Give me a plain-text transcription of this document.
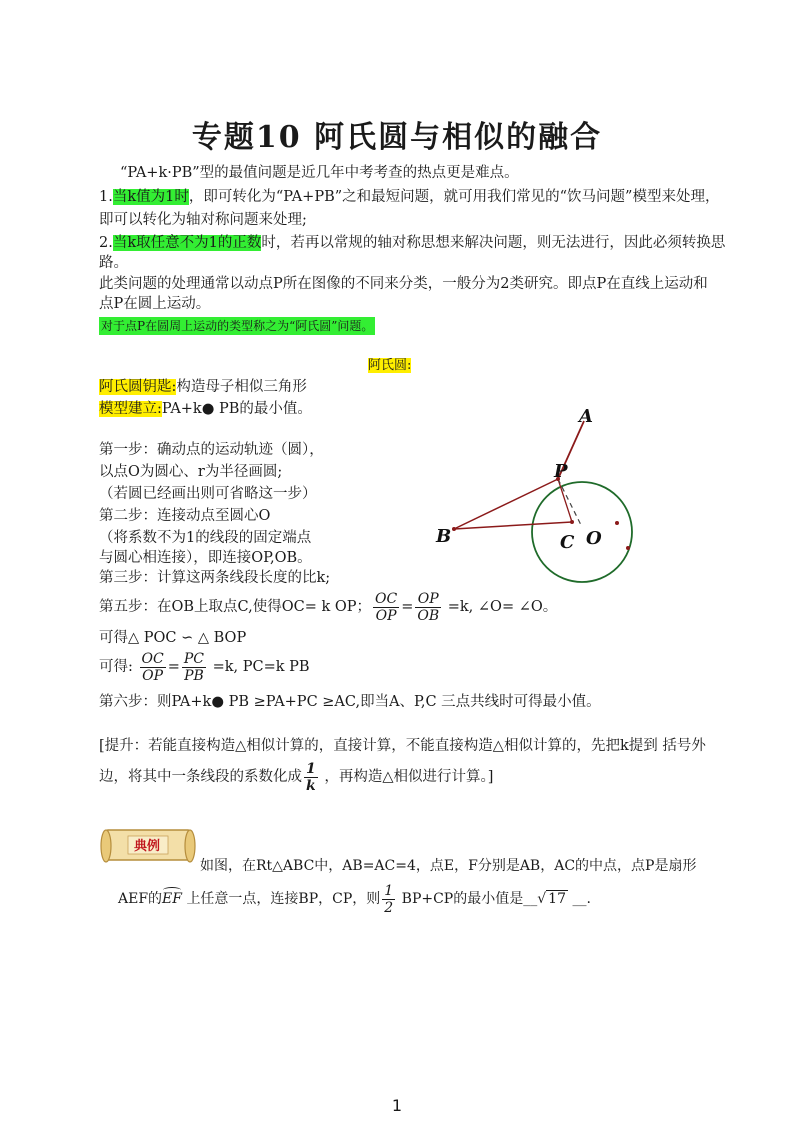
专题10 阿氏圆与相似的融合
“PA+k·PB”型的最值问题是近几年中考考查的热点更是难点。
1.当k值为1时，即可转化为“PA+PB”之和最短问题，就可用我们常见的“饮马问题”模型来处理，
即可以转化为轴对称问题来处理;
2.当k取任意不为1的正数时，若再以常规的轴对称思想来解决问题，则无法进行，因此必须转换思
路。
此类问题的处理通常以动点P所在图像的不同来分类，一般分为2类研究。即点P在直线上运动和
点P在圆上运动。
对于点P在圆周上运动的类型称之为“阿氏圆”问题。
阿氏圆:
阿氏圆钥匙:构造母子相似三角形
模型建立:PA+k● PB的最小值。
第一步：确动点的运动轨迹（圆），
以点O为圆心、r为半径画圆;
（若圆已经画出则可省略这一步）
第二步：连接动点至圆心O
（将系数不为1的线段的固定端点
与圆心相连接），即连接OP,OB。
第三步：计算这两条线段长度的比k;
第五步：在OB上取点C,使得OC= k OP； $\frac{OC}{OP} = \frac{OP}{OB} =k$, ∠O= ∠O。
可得△ POC ∽ △ BOP
可得: $\frac{OC}{OP} = \frac{PC}{PB} =k$, PC=k PB
第六步：则PA+k● PB ≥PA+PC ≥AC,即当A、P,C 三点共线时可得最小值。
[提升：若能直接构造△相似计算的，直接计算，不能直接构造△相似计算的，先把k提到 括号外
边，将其中一条线段的系数化成 $\frac{1}{k}$ ，再构造△相似进行计算。]
典例
如图，在Rt△ABC中，AB=AC=4，点E，F分别是AB，AC的中点，点P是扇形
AEF的EF 上任意一点，连接BP，CP，则 $\frac{1}{2} BP+CP$的最小值是__√ 17 __.
A
P
B	C O
1
